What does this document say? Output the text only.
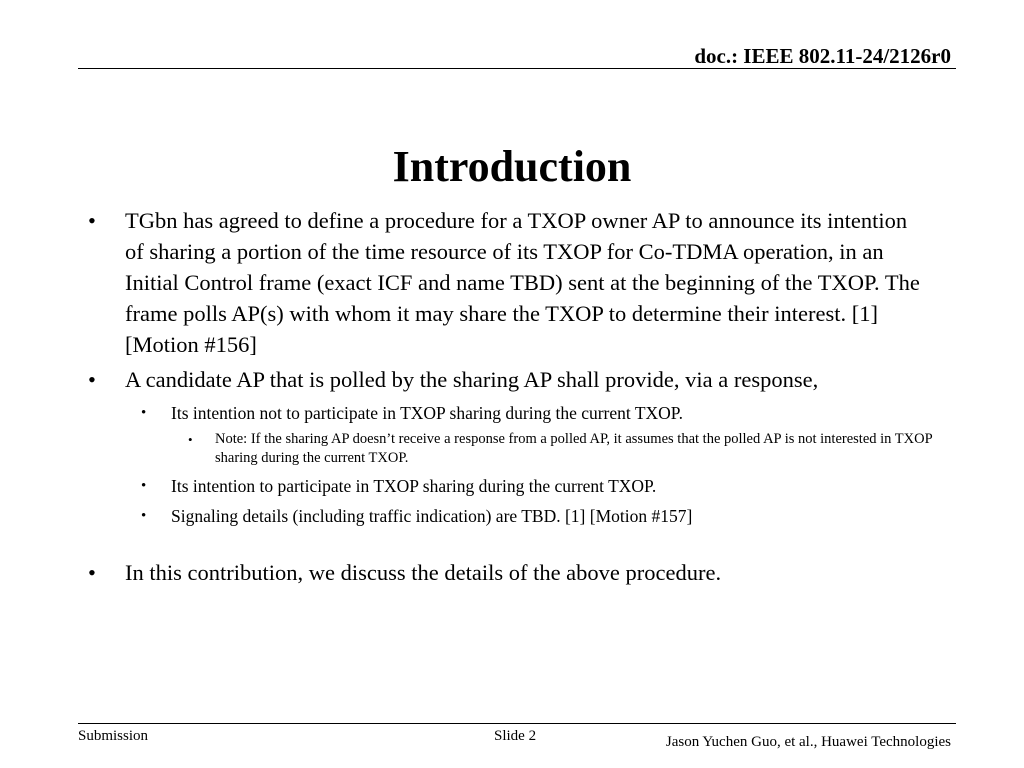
doc.: IEEE 802.11-24/2126r0
Introduction

• TGbn has agreed to define a procedure for a TXOP owner AP to announce its intention of sharing a portion of the time resource of its TXOP for Co-TDMA operation, in an Initial Control frame (exact ICF and name TBD) sent at the beginning of the TXOP. The frame polls AP(s) with whom it may share the TXOP to determine their interest. [1] [Motion #156]

• A candidate AP that is polled by the sharing AP shall provide, via a response,

• Its intention not to participate in TXOP sharing during the current TXOP.

• Note: If the sharing AP doesn’t receive a response from a polled AP, it assumes that the polled AP is not interested in TXOP sharing during the current TXOP.

• Its intention to participate in TXOP sharing during the current TXOP.

• Signaling details (including traffic indication) are TBD. [1] [Motion #157]

• In this contribution, we discuss the details of the above procedure.

Submission	Slide 2	Jason Yuchen Guo, et al., Huawei Technologies
